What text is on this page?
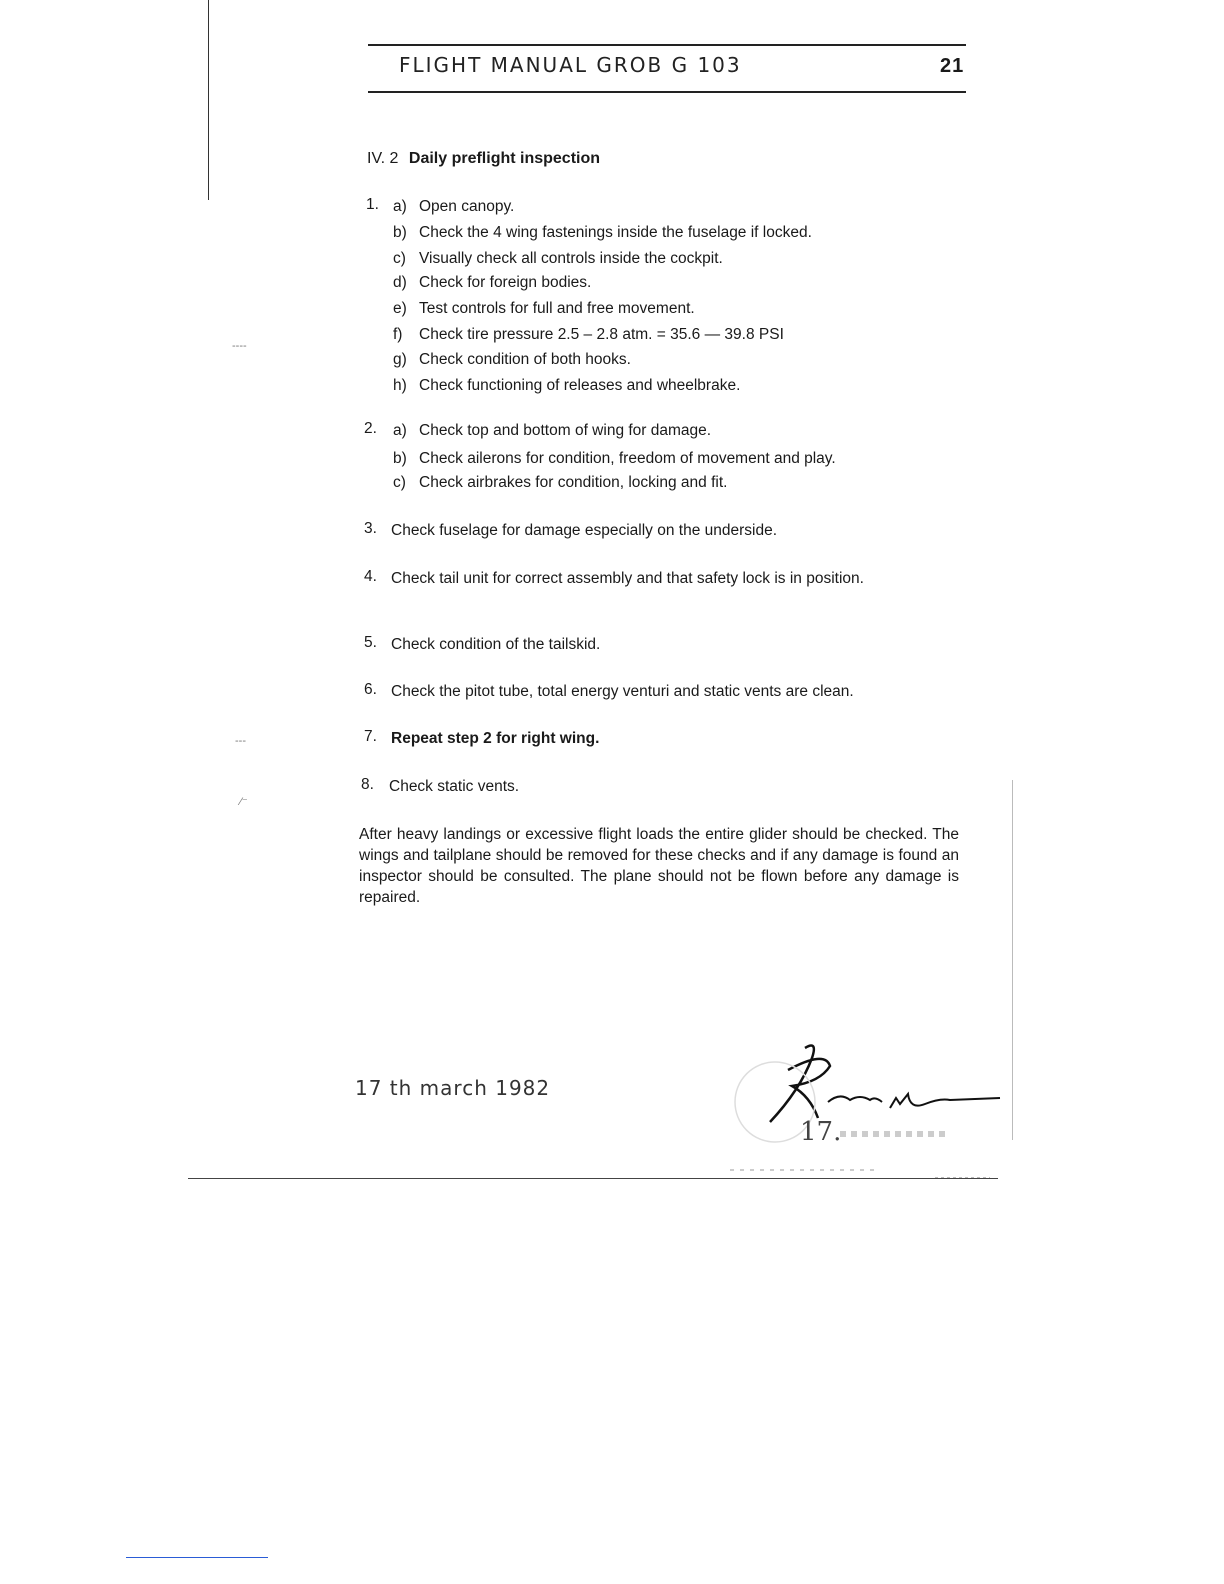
‐‐‐‐
‐‐‐
⁄⁻
FLIGHT MANUAL GROB G 103	21
IV. 2 Daily preflight inspection
1. a) Open canopy.
b) Check the 4 wing fastenings inside the fuselage if locked.
c) Visually check all controls inside the cockpit.
d) Check for foreign bodies.
e) Test controls for full and free movement.
f) Check tire pressure 2.5 – 2.8 atm. = 35.6 — 39.8 PSI
g) Check condition of both hooks.
h) Check functioning of releases and wheelbrake.
2. a) Check top and bottom of wing for damage.
b) Check ailerons for condition, freedom of movement and play.
c) Check airbrakes for condition, locking and fit.
3. Check fuselage for damage especially on the underside.
4. Check tail unit for correct assembly and that safety lock is in position.
5. Check condition of the tailskid.
6. Check the pitot tube, total energy venturi and static vents are clean.
7. Repeat step 2 for right wing.
8. Check static vents.
After heavy landings or excessive flight loads the entire glider should be checked. The wings and tailplane should be removed for these checks and if any damage is found an inspector should be consulted. The plane should not be flown before any damage is repaired.
17 th march 1982
17.
